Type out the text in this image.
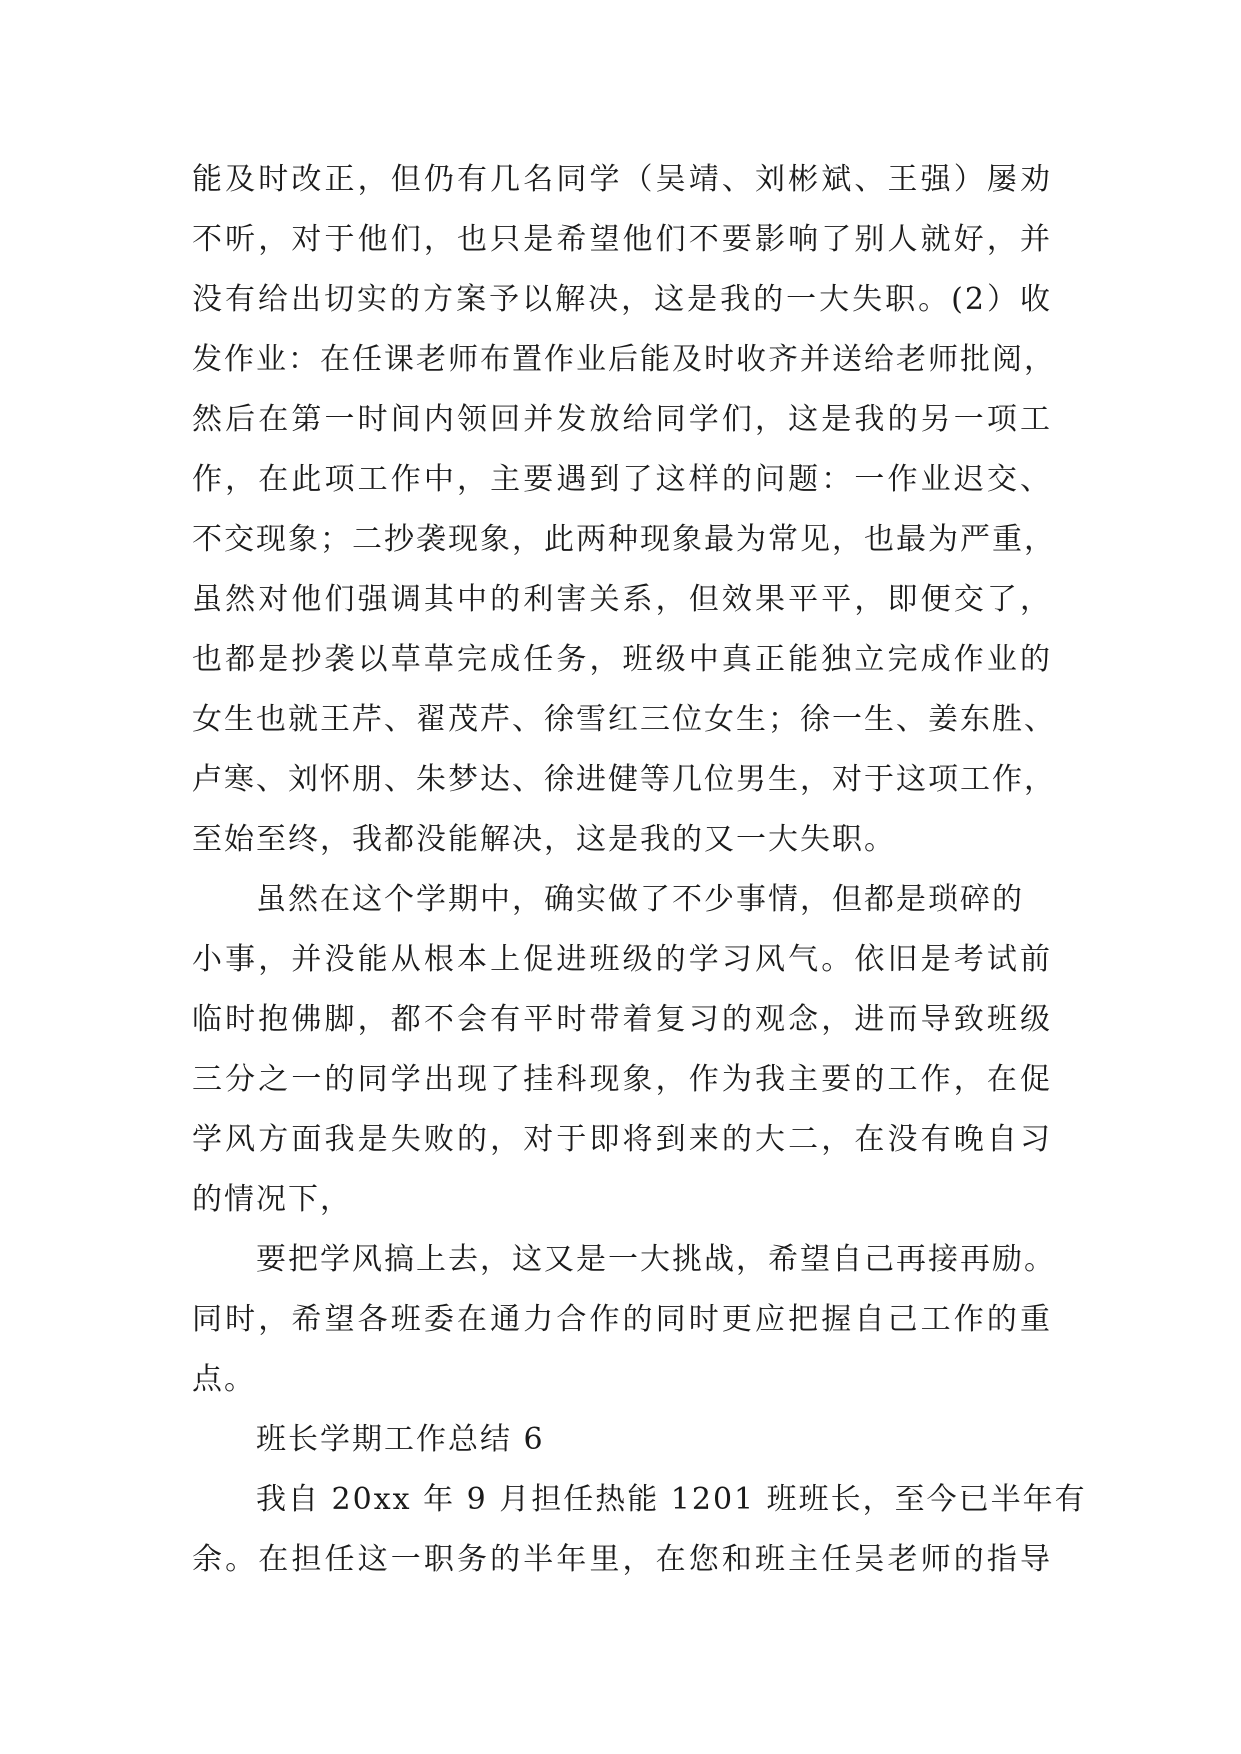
能及时改正，但仍有几名同学（吴靖、刘彬斌、王强）屡劝
不听，对于他们，也只是希望他们不要影响了别人就好，并
没有给出切实的方案予以解决，这是我的一大失职。(2）收
发作业：在任课老师布置作业后能及时收齐并送给老师批阅，
然后在第一时间内领回并发放给同学们，这是我的另一项工
作，在此项工作中，主要遇到了这样的问题：一作业迟交、
不交现象；二抄袭现象，此两种现象最为常见，也最为严重，
虽然对他们强调其中的利害关系，但效果平平，即便交了，
也都是抄袭以草草完成任务，班级中真正能独立完成作业的
女生也就王芹、翟茂芹、徐雪红三位女生；徐一生、姜东胜、
卢寒、刘怀朋、朱梦达、徐进健等几位男生，对于这项工作，
至始至终，我都没能解决，这是我的又一大失职。
虽然在这个学期中，确实做了不少事情，但都是琐碎的
小事，并没能从根本上促进班级的学习风气。依旧是考试前
临时抱佛脚，都不会有平时带着复习的观念，进而导致班级
三分之一的同学出现了挂科现象，作为我主要的工作，在促
学风方面我是失败的，对于即将到来的大二，在没有晚自习
的情况下，
要把学风搞上去，这又是一大挑战，希望自己再接再励。
同时，希望各班委在通力合作的同时更应把握自己工作的重
点。
班长学期工作总结 6
我自 20xx 年 9 月担任热能 1201 班班长，至今已半年有
余。在担任这一职务的半年里，在您和班主任吴老师的指导
